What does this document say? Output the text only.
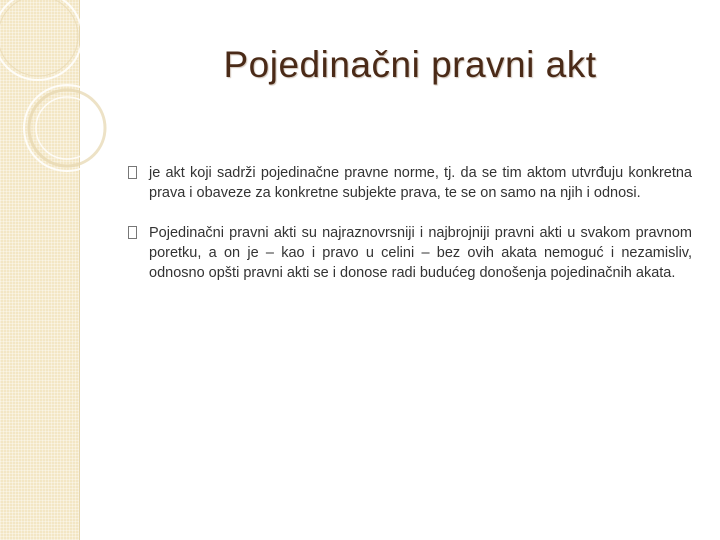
Pojedinačni pravni akt
je akt koji sadrži pojedinačne pravne norme, tj. da se tim aktom utvrđuju konkretna prava i obaveze za konkretne subjekte prava, te se on samo na njih i odnosi.
Pojedinačni pravni akti su najraznovrsniji i najbrojniji pravni akti u svakom pravnom poretku, a on je – kao i pravo u celini – bez ovih akata nemoguć i nezamisliv, odnosno opšti pravni akti se i donose radi budućeg donošenja pojedinačnih akata.
